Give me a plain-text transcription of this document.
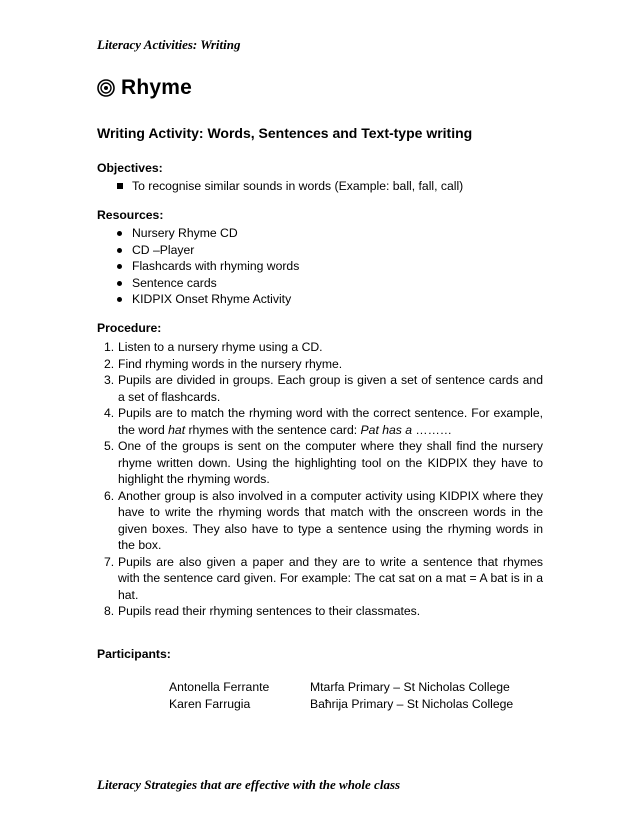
Literacy Activities: Writing
Rhyme

Writing Activity: Words, Sentences and Text-type writing

Objectives:

To recognise similar sounds in words (Example: ball, fall, call)

Resources:

Nursery Rhyme CD
CD –Player
Flashcards with rhyming words
Sentence cards
KIDPIX Onset Rhyme Activity

Procedure:

1. Listen to a nursery rhyme using a CD.
2. Find rhyming words in the nursery rhyme.
3. Pupils are divided in groups. Each group is given a set of sentence cards and a set of flashcards.
4. Pupils are to match the rhyming word with the correct sentence. For example, the word hat rhymes with the sentence card: Pat has a ………
5. One of the groups is sent on the computer where they shall find the nursery rhyme written down. Using the highlighting tool on the KIDPIX they have to highlight the rhyming words.
6. Another group is also involved in a computer activity using KIDPIX where they have to write the rhyming words that match with the onscreen words in the given boxes. They also have to type a sentence using the rhyming words in the box.
7. Pupils are also given a paper and they are to write a sentence that rhymes with the sentence card given. For example: The cat sat on a mat = A bat is in a hat.
8. Pupils read their rhyming sentences to their classmates.

Participants:

Antonella Ferrante	Mtarfa Primary – St Nicholas College
Karen Farrugia	Baħrija Primary – St Nicholas College
Literacy Strategies that are effective with the whole class
